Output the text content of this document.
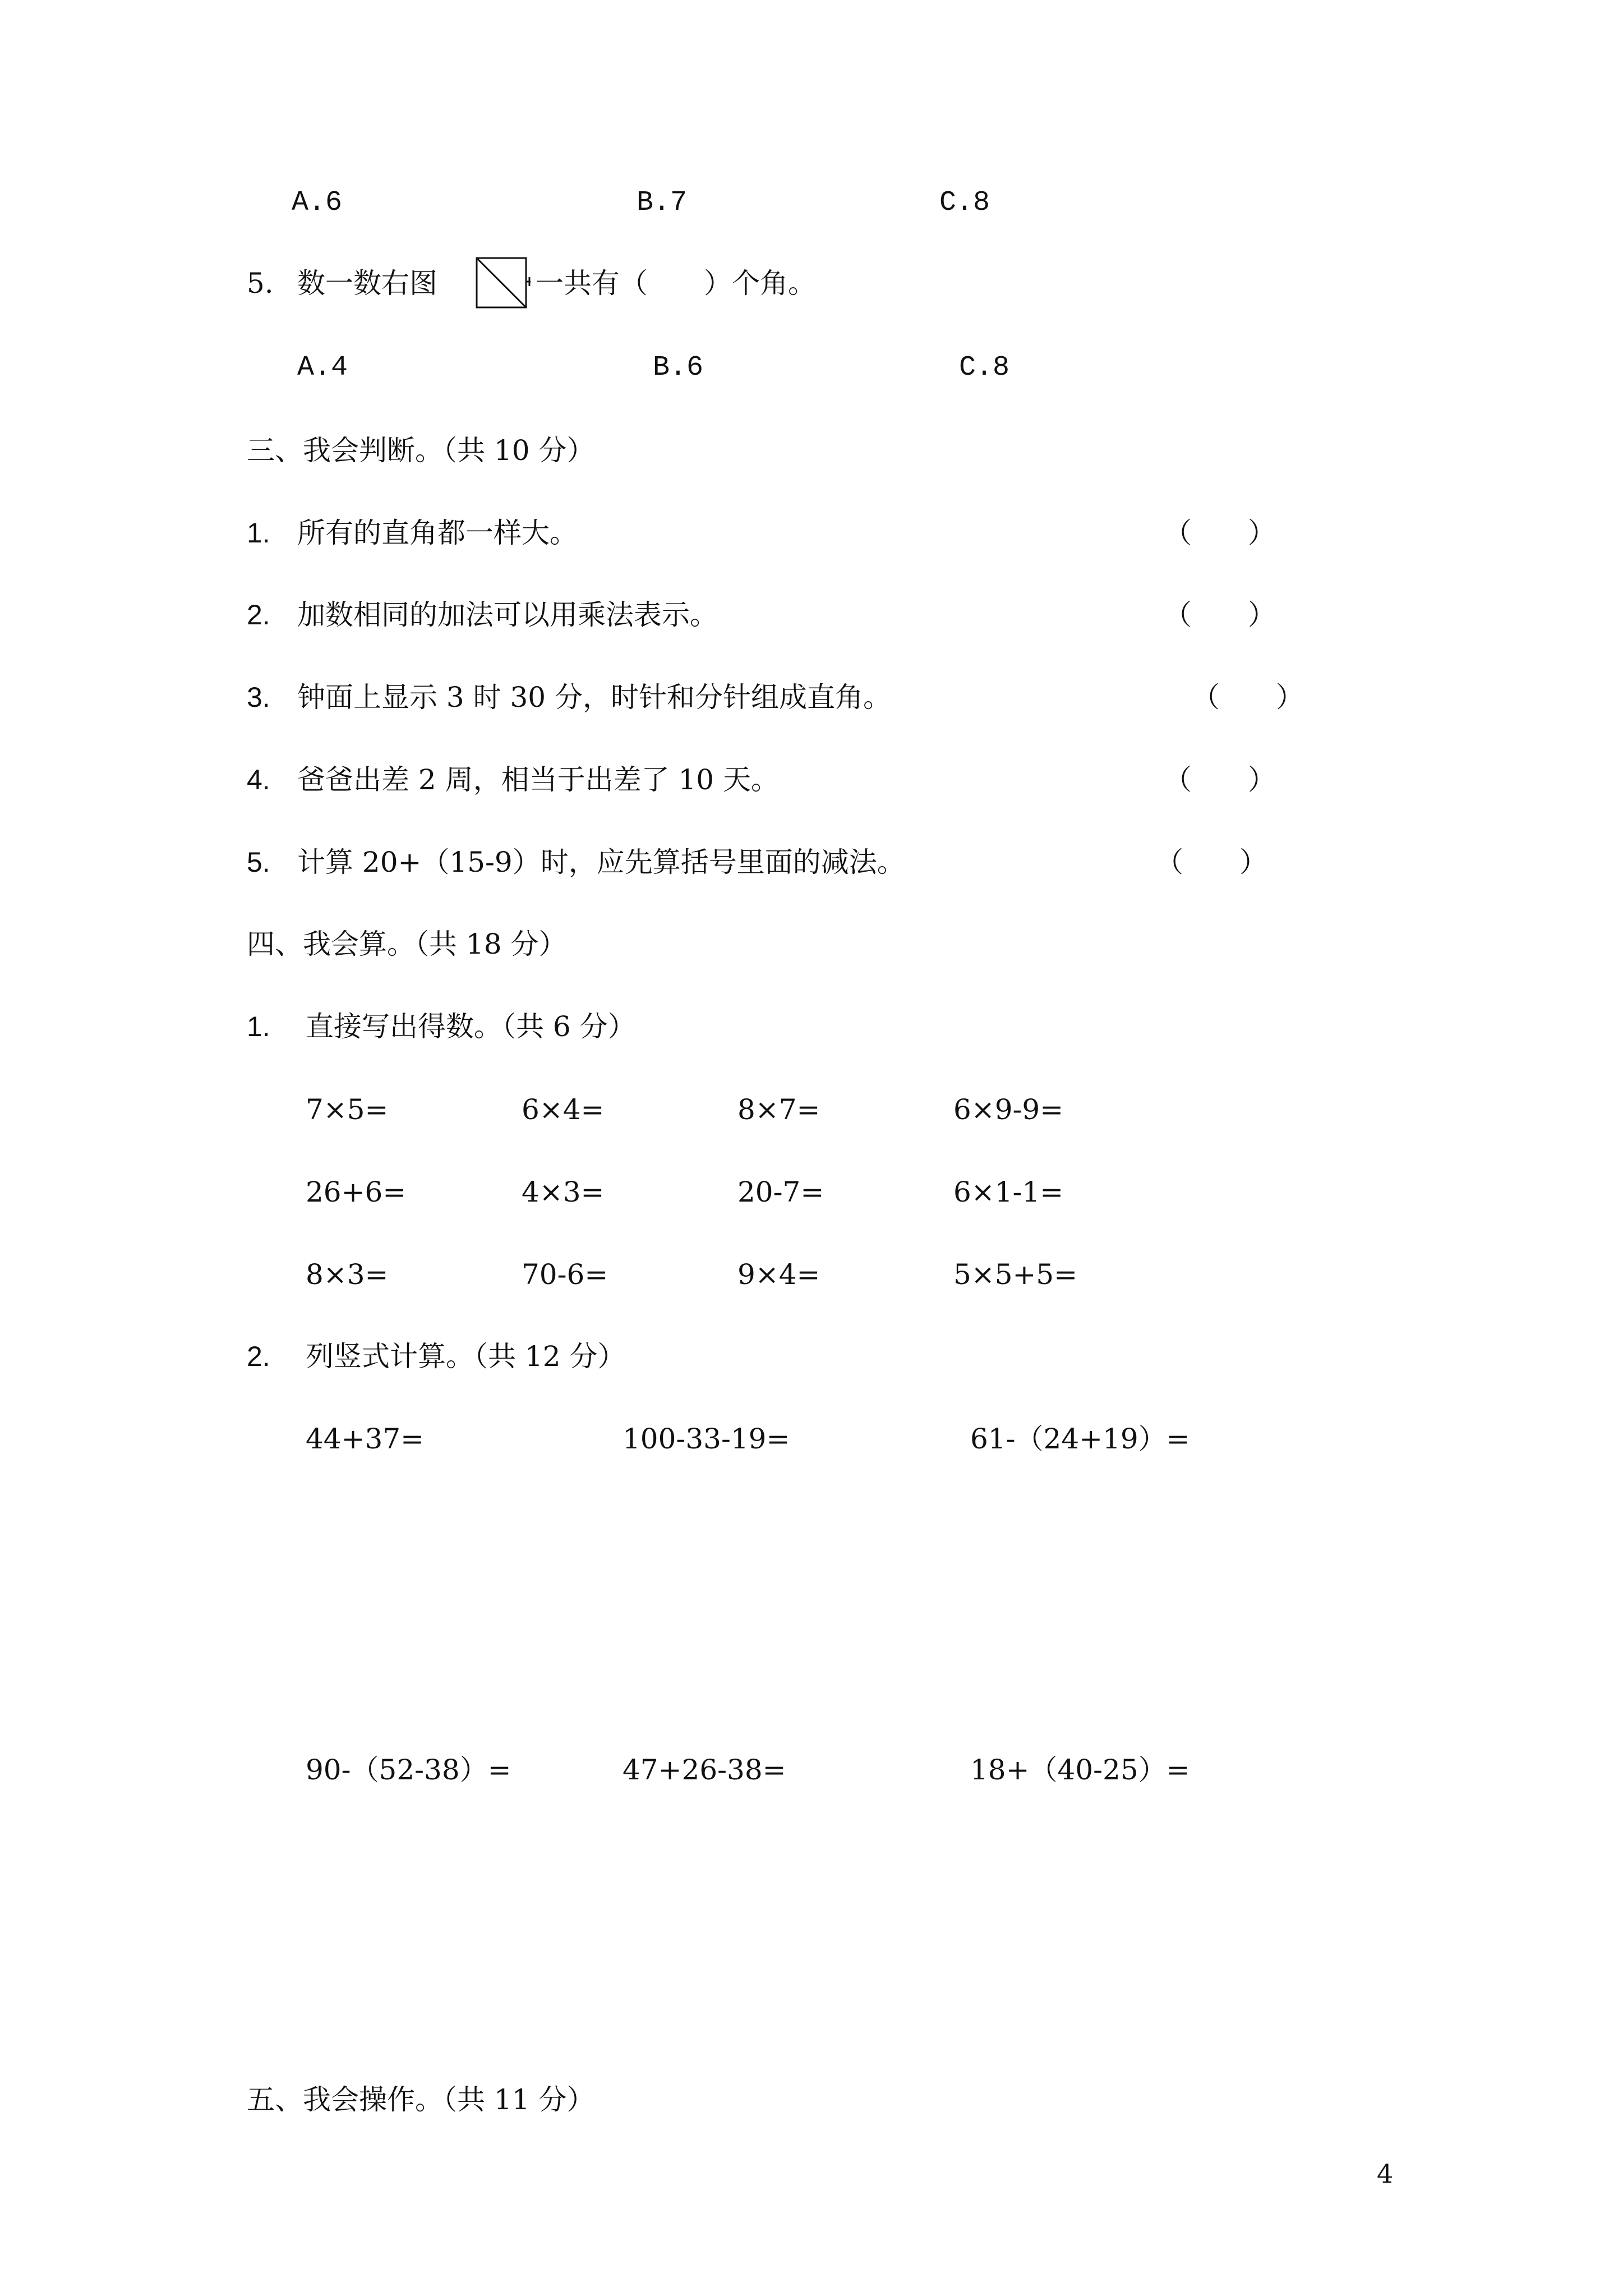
A.6	B.7	C.8
5. 数一数右图	一共有（　　）个角。
A.4	B.6	C.8
三、我会判断。（共 10 分）
1. 所有的直角都一样大。	（　　）
2. 加数相同的加法可以用乘法表示。	（　　）
3. 钟面上显示 3 时 30 分，时针和分针组成直角。	（　　）
4. 爸爸出差 2 周，相当于出差了 10 天。	（　　）
5. 计算 20+（15-9）时，应先算括号里面的减法。	（　　）
四、我会算。（共 18 分）
1. 直接写出得数。（共 6 分）
7×5=	6×4=	8×7=	6×9-9=
26+6=	4×3=	20-7=	6×1-1=
8×3=	70-6=	9×4=	5×5+5=
2. 列竖式计算。（共 12 分）
44+37=	100-33-19=	61-（24+19）=
90-（52-38）=	47+26-38=	18+（40-25）=
五、我会操作。（共 11 分）
4
